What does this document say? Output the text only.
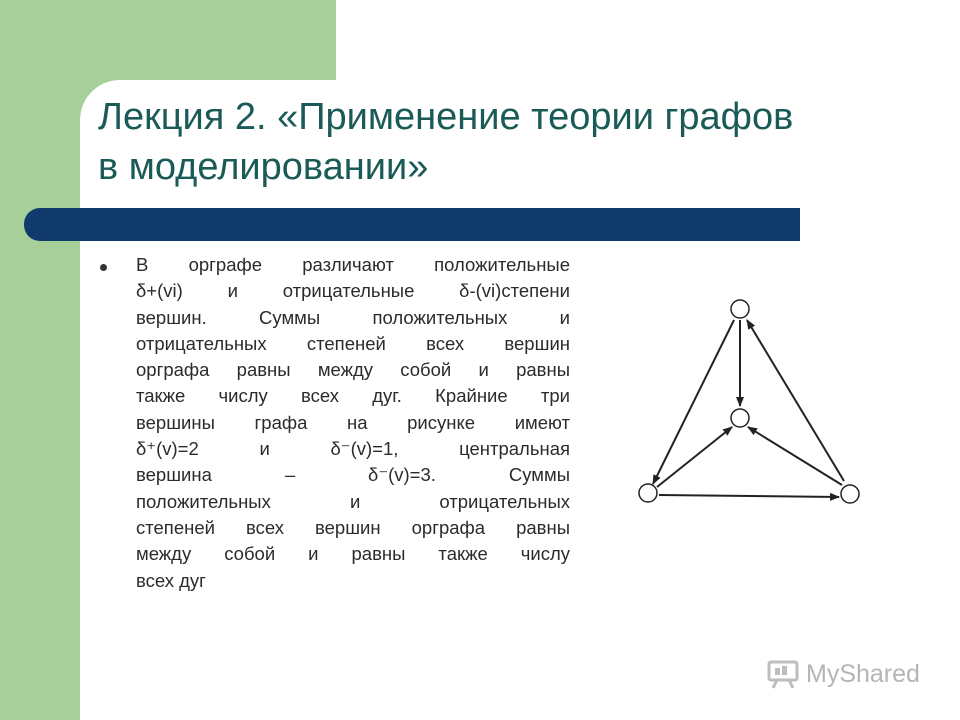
Лекция 2. «Применение теории графов
в моделировании»
В орграфе различают положительные
δ+(vi) и отрицательные δ-(vi)степени
вершин. Суммы положительных и
отрицательных степеней всех вершин
орграфа равны между собой и равны
также числу всех дуг. Крайние три
вершины графа на рисунке имеют
δ⁺(v)=2 и δ⁻(v)=1, центральная
вершина – δ⁻(v)=3. Суммы
положительных и отрицательных
степеней всех вершин орграфа равны
между собой и равны также числу
всех дуг
MyShared
